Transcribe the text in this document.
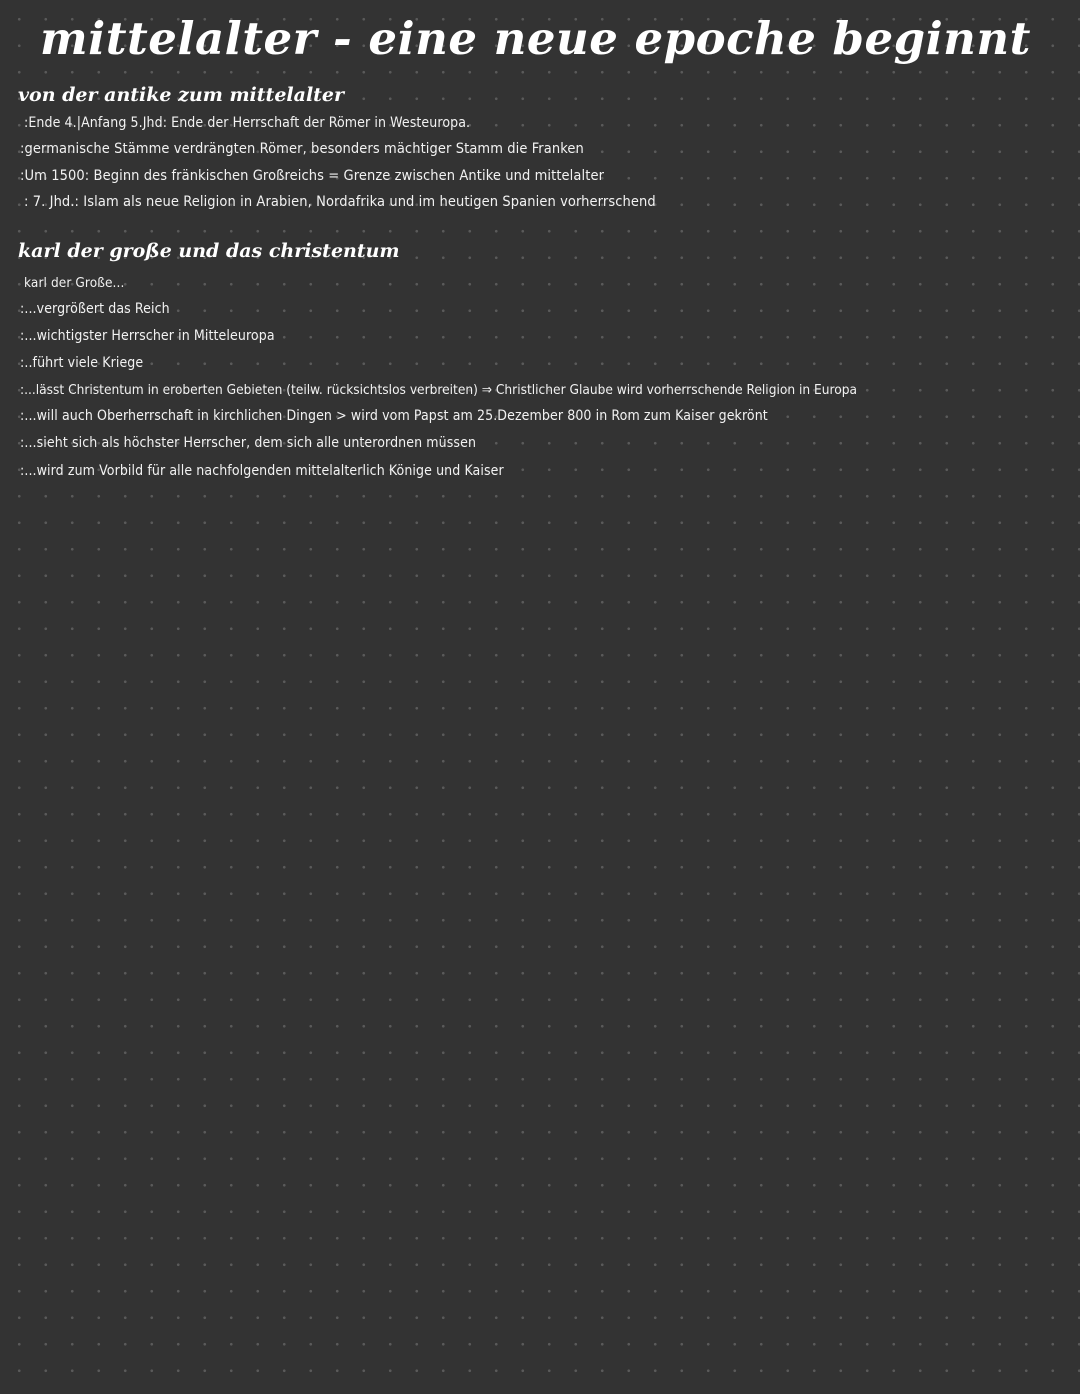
mittelalter - eine neue epoche beginnt
von der antike zum mittelalter
:Ende 4.|Anfang 5.Jhd: Ende der Herrschaft der Römer in Westeuropa.
:germanische Stämme verdrängten Römer, besonders mächtiger Stamm die Franken
:Um 1500: Beginn des fränkischen Großreichs = Grenze zwischen Antike und mittelalter
: 7. Jhd.: Islam als neue Religion in Arabien, Nordafrika und im heutigen Spanien vorherrschend
karl der große und das christentum
karl der Große...
:...vergrößert das Reich
:...wichtigster Herrscher in Mitteleuropa
:..führt viele Kriege
:...lässt Christentum in eroberten Gebieten (teilw. rücksichtslos verbreiten) ⇒ Christlicher Glaube wird vorherrschende Religion in Europa
:...will auch Oberherrschaft in kirchlichen Dingen > wird vom Papst am 25.Dezember 800 in Rom zum Kaiser gekrönt
:...sieht sich als höchster Herrscher, dem sich alle unterordnen müssen
:...wird zum Vorbild für alle nachfolgenden mittelalterlich Könige und Kaiser
